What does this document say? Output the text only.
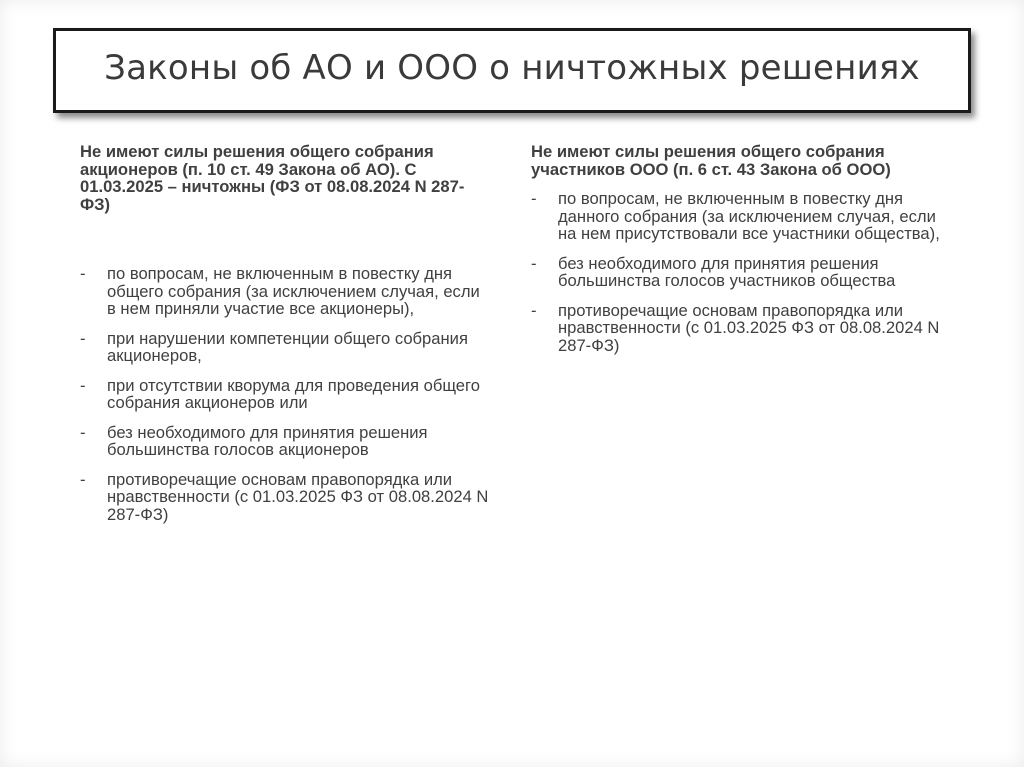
Законы об АО и ООО о ничтожных решениях

Не имеют силы решения общего собрания акционеров (п. 10 ст. 49 Закона об АО). С 01.03.2025 – ничтожны (ФЗ от 08.08.2024 N 287-ФЗ)

- по вопросам, не включенным в повестку дня общего собрания (за исключением случая, если в нем приняли участие все акционеры),
- при нарушении компетенции общего собрания акционеров,
- при отсутствии кворума для проведения общего собрания акционеров или
- без необходимого для принятия решения большинства голосов акционеров
- противоречащие основам правопорядка или нравственности (с 01.03.2025 ФЗ от 08.08.2024 N 287-ФЗ)

Не имеют силы решения общего собрания участников ООО (п. 6 ст. 43 Закона об ООО)

- по вопросам, не включенным в повестку дня данного собрания (за исключением случая, если на нем присутствовали все участники общества),
- без необходимого для принятия решения большинства голосов участников общества
- противоречащие основам правопорядка или нравственности (с 01.03.2025 ФЗ от 08.08.2024 N 287-ФЗ)
